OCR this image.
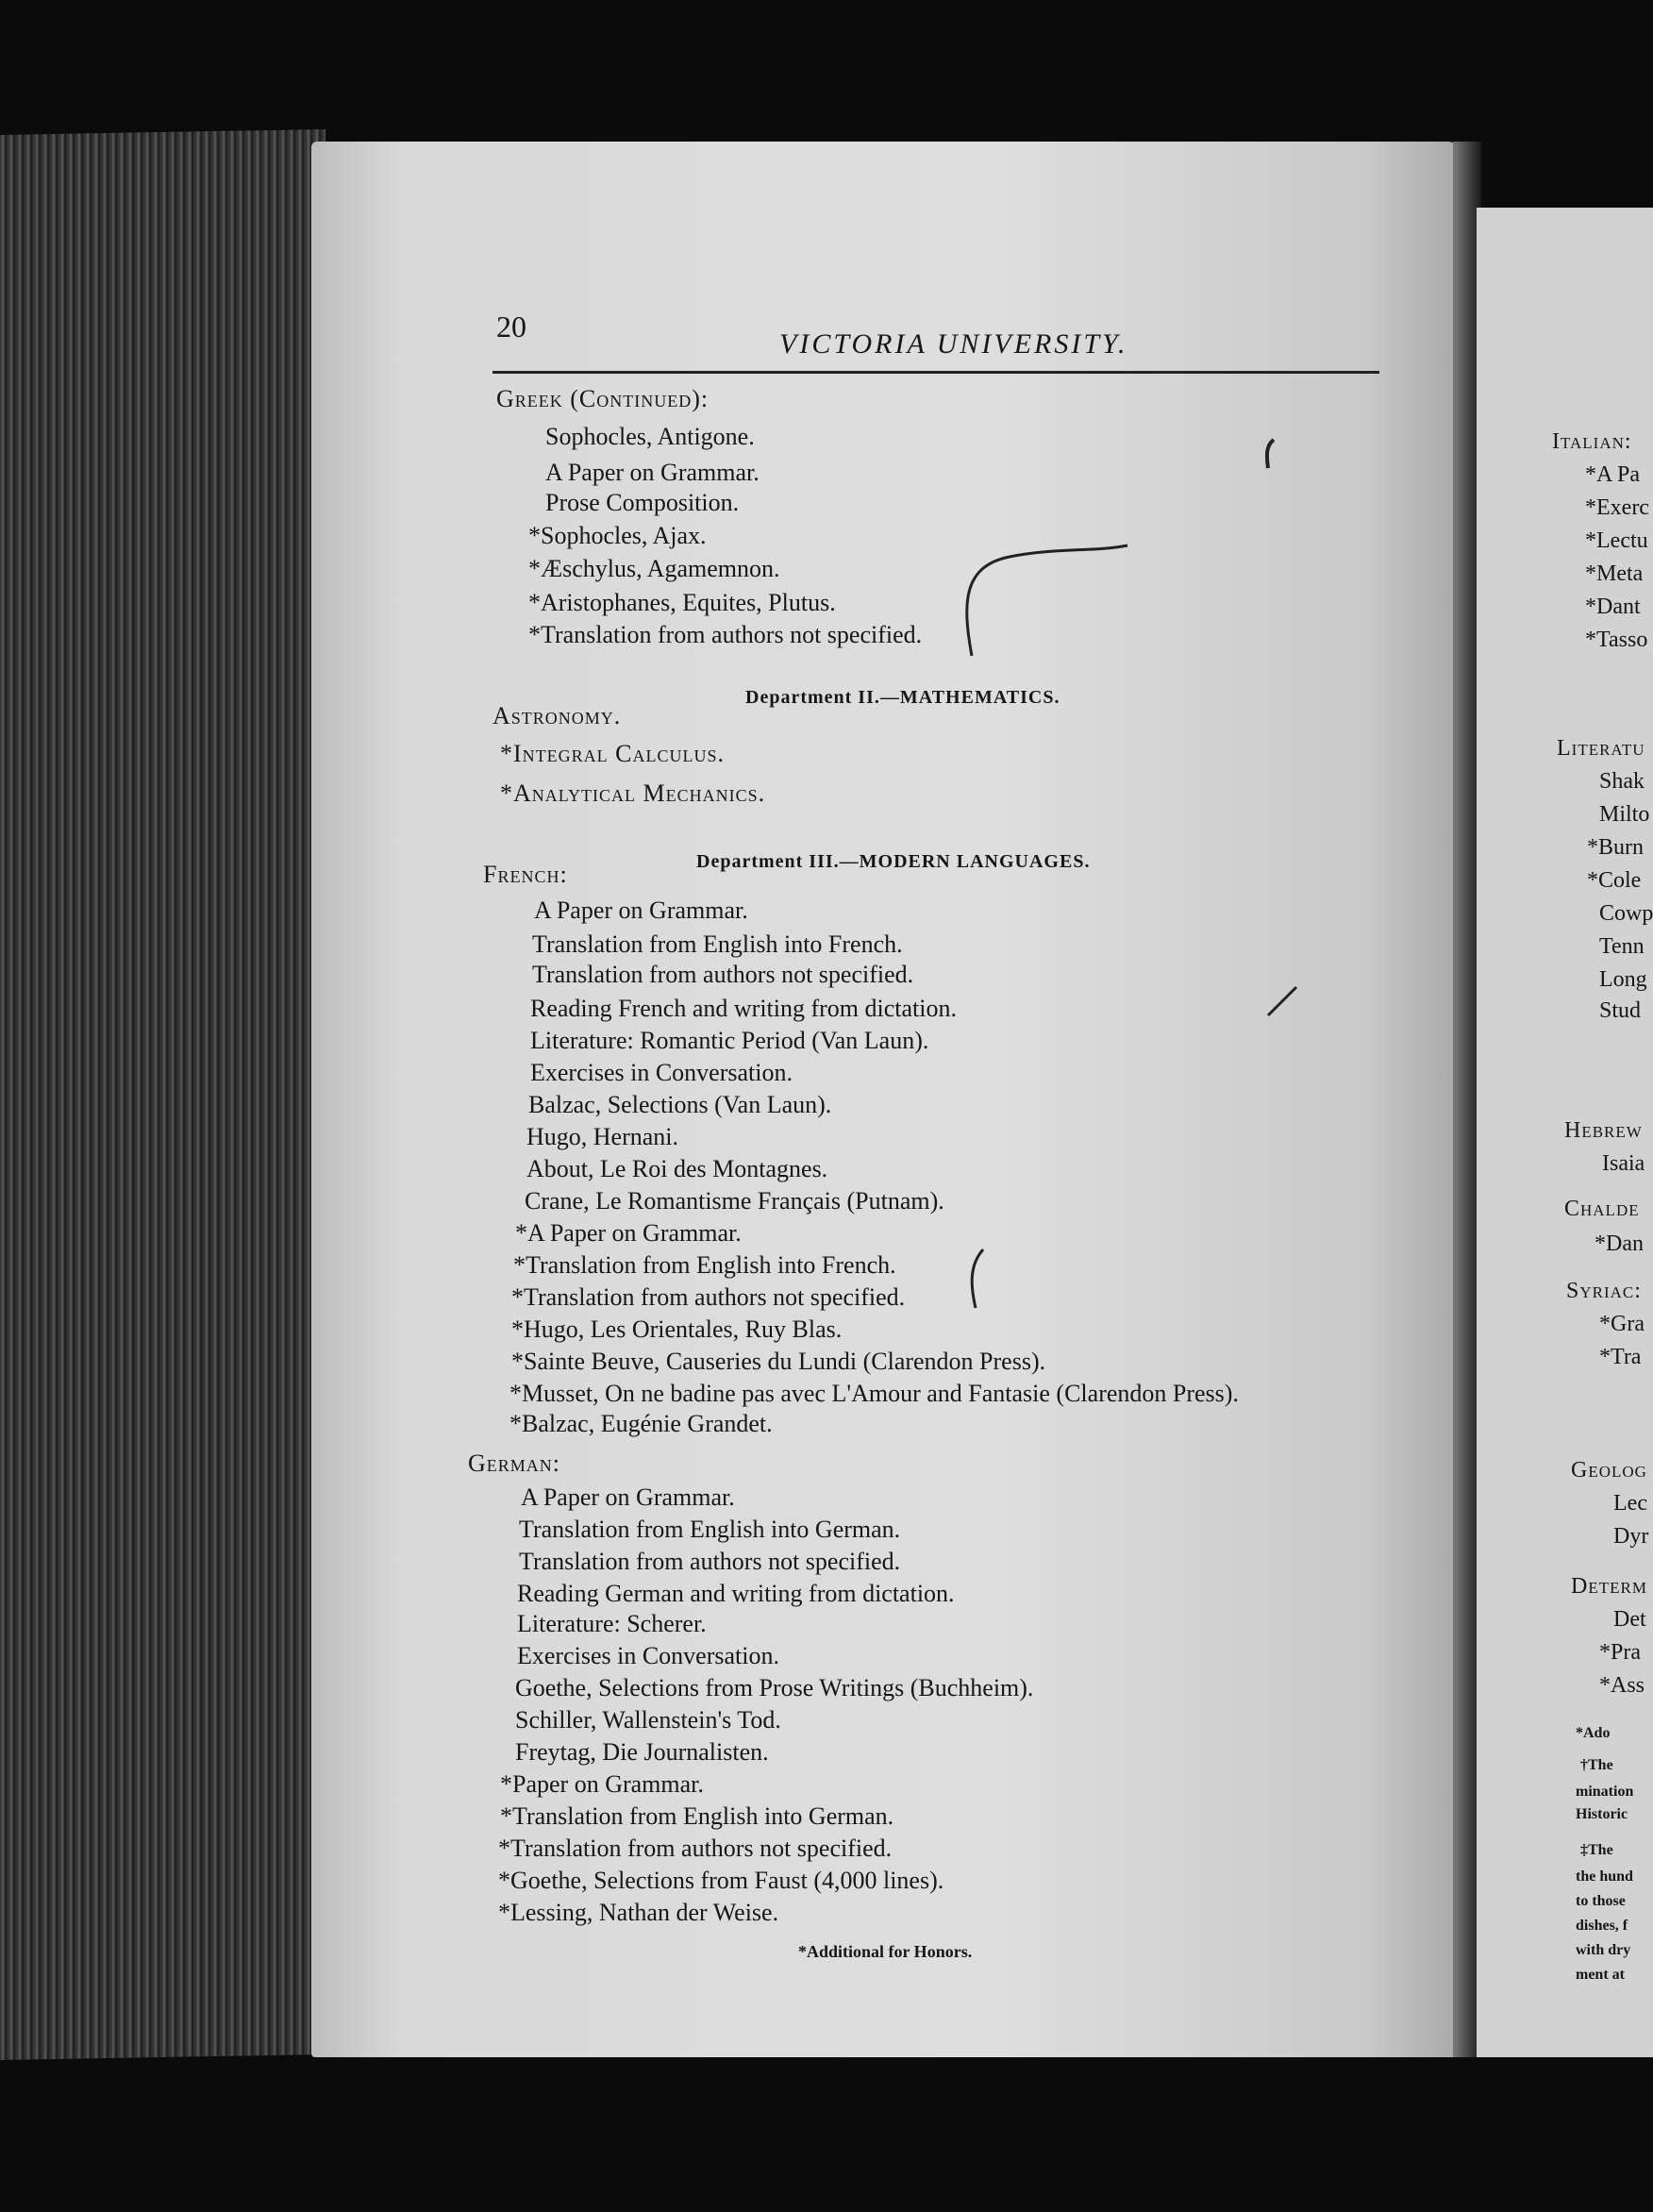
20
VICTORIA UNIVERSITY.
Greek (Continued):
Sophocles, Antigone.
A Paper on Grammar.
Prose Composition.
*Sophocles, Ajax.
*Æschylus, Agamemnon.
*Aristophanes, Equites, Plutus.
*Translation from authors not specified.
Department II.—MATHEMATICS.
Astronomy.
*Integral Calculus.
*Analytical Mechanics.
Department III.—MODERN LANGUAGES.
French:
A Paper on Grammar.
Translation from English into French.
Translation from authors not specified.
Reading French and writing from dictation.
Literature: Romantic Period (Van Laun).
Exercises in Conversation.
Balzac, Selections (Van Laun).
Hugo, Hernani.
About, Le Roi des Montagnes.
Crane, Le Romantisme Français (Putnam).
*A Paper on Grammar.
*Translation from English into French.
*Translation from authors not specified.
*Hugo, Les Orientales, Ruy Blas.
*Sainte Beuve, Causeries du Lundi (Clarendon Press).
*Musset, On ne badine pas avec L'Amour and Fantasie (Clarendon Press).
*Balzac, Eugénie Grandet.
German:
A Paper on Grammar.
Translation from English into German.
Translation from authors not specified.
Reading German and writing from dictation.
Literature: Scherer.
Exercises in Conversation.
Goethe, Selections from Prose Writings (Buchheim).
Schiller, Wallenstein's Tod.
Freytag, Die Journalisten.
*Paper on Grammar.
*Translation from English into German.
*Translation from authors not specified.
*Goethe, Selections from Faust (4,000 lines).
*Lessing, Nathan der Weise.
*Additional for Honors.
Italian:
*A Pa
*Exerc
*Lectu
*Meta
*Dant
*Tasso
Literatu
Shak
Milto
*Burn
*Cole
Cowp
Tenn
Long
Stud
Hebrew
Isaia
Chalde
*Dan
Syriac:
*Gra
*Tra
Geolog
Lec
Dyr
Determ
Det
*Pra
*Ass
*Ado
†The
mination
Historic
‡The
the hund
to those
dishes, f
with dry
ment at
